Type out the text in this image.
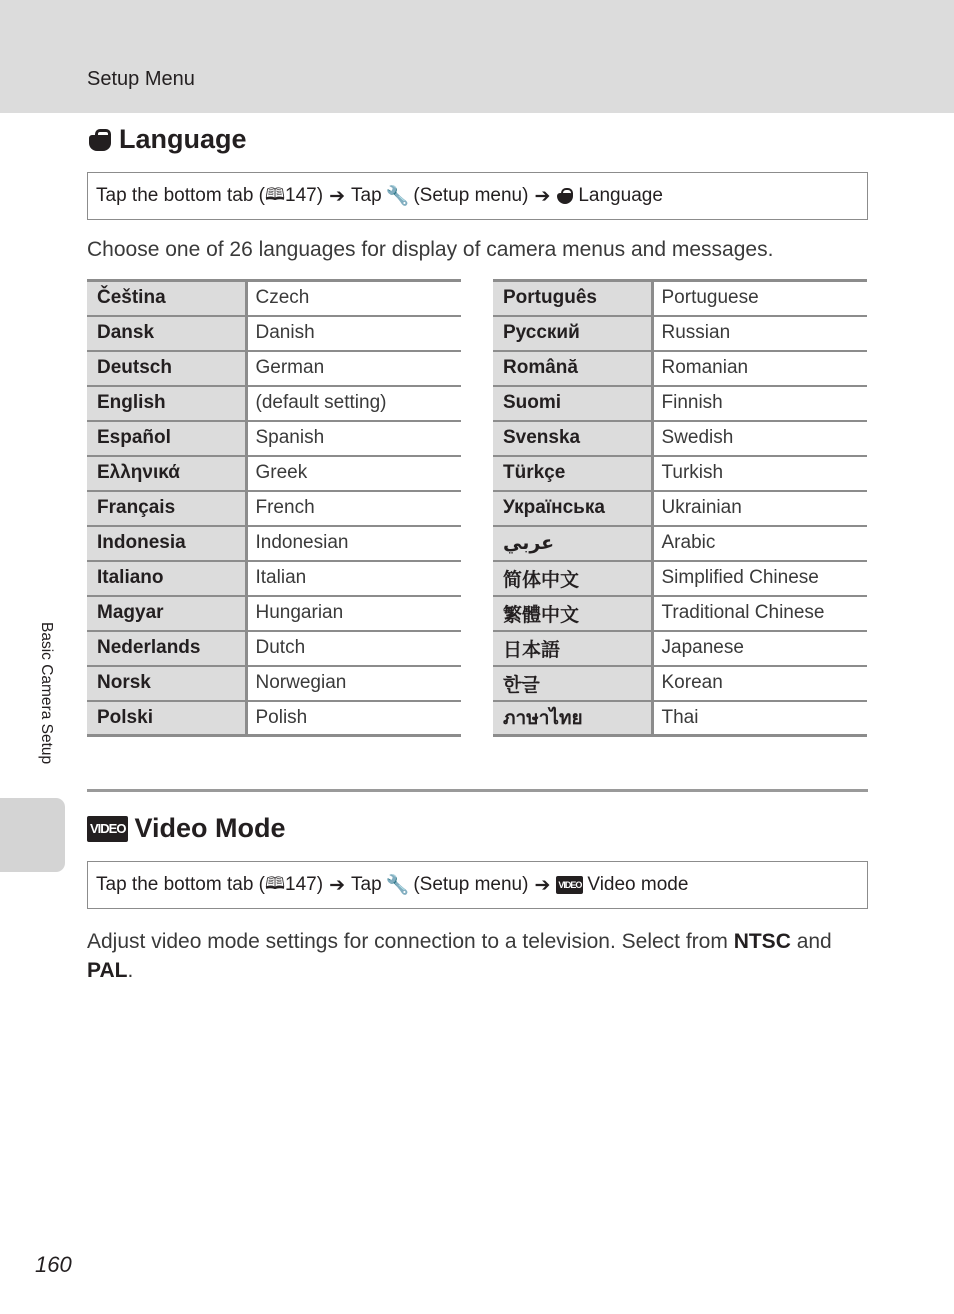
Setup Menu
Basic Camera Setup
Language
Tap the bottom tab ( 🕮 147) ➔ Tap 🔧 (Setup menu) ➔ Language

Choose one of 26 languages for display of camera menus and messages.

Čeština	Czech
Dansk	Danish
Deutsch	German
English	(default setting)
Español	Spanish
Ελληνικά	Greek
Français	French
Indonesia	Indonesian
Italiano	Italian
Magyar	Hungarian
Nederlands	Dutch
Norsk	Norwegian
Polski	Polish
Português	Portuguese
Русский	Russian
Română	Romanian
Suomi	Finnish
Svenska	Swedish
Türkçe	Turkish
Українська	Ukrainian
عربي	Arabic
简体中文	Simplified Chinese
繁體中文	Traditional Chinese
日本語	Japanese
한글	Korean
ภาษาไทย	Thai
VIDEO Video Mode
Tap the bottom tab ( 🕮 147) ➔ Tap 🔧 (Setup menu) ➔ VIDEO Video mode

Adjust video mode settings for connection to a television. Select from NTSC and PAL.

160
